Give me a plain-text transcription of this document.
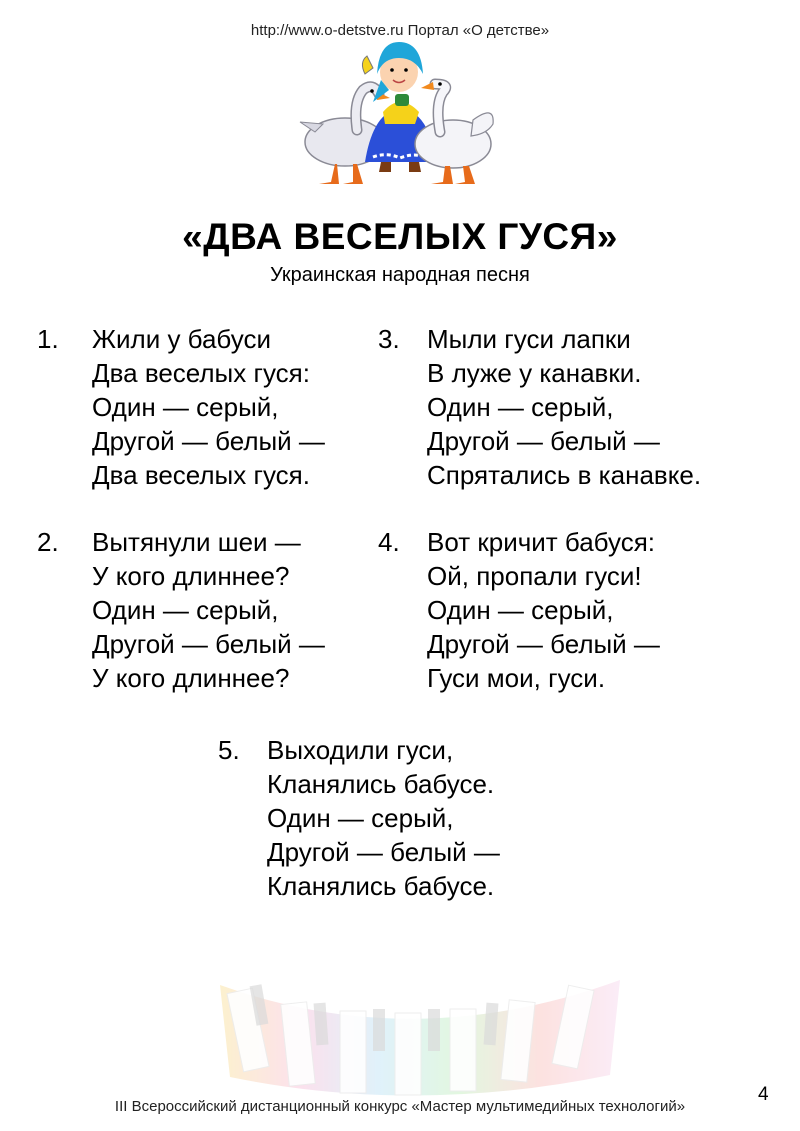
http://www.o-detstve.ru Портал «О детстве»
«ДВА ВЕСЕЛЫХ ГУСЯ»
Украинская народная песня
1. Жили у бабуси
Два веселых гуся:
Один — серый,
Другой — белый —
Два веселых гуся.
2. Вытянули шеи —
У кого длиннее?
Один — серый,
Другой — белый —
У кого длиннее?
3. Мыли гуси лапки
В луже у канавки.
Один — серый,
Другой — белый —
Спрятались в канавке.
4. Вот кричит бабуся:
Ой, пропали гуси!
Один — серый,
Другой — белый —
Гуси мои, гуси.
5. Выходили гуси,
Кланялись бабусе.
Один — серый,
Другой — белый —
Кланялись бабусе.
III Всероссийский дистанционный конкурс «Мастер мультимедийных технологий»
4
